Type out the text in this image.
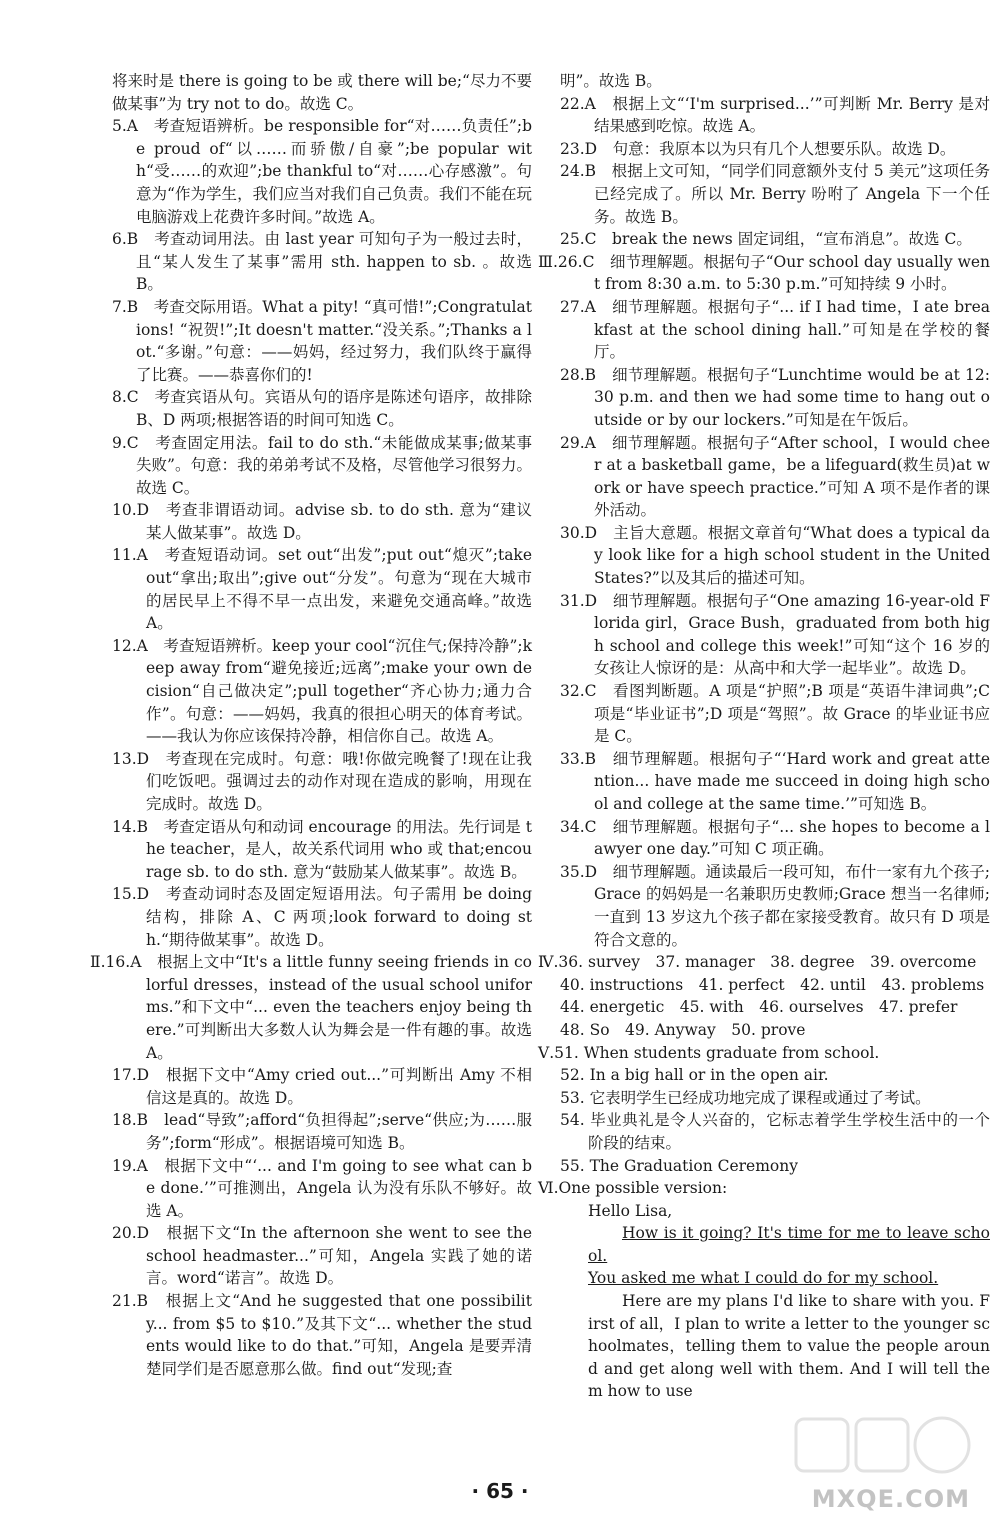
将来时是 there is going to be 或 there will be;“尽力不要做某事”为 try not to do。故选 C。

5.A　考查短语辨析。be responsible for“对……负责任”;be proud of“以……而骄傲/自豪”;be popular with“受……的欢迎”;be thankful to“对……心存感激”。句意为“作为学生，我们应当对我们自己负责。我们不能在玩电脑游戏上花费许多时间。”故选 A。

6.B　考查动词用法。由 last year 可知句子为一般过去时，且“某人发生了某事”需用 sth. happen to sb. 。故选 B。

7.B　考查交际用语。What a pity! “真可惜!”;Congratulations! “祝贺!”;It doesn't matter.“没关系。”;Thanks a lot.“多谢。”句意：——妈妈，经过努力，我们队终于赢得了比赛。——恭喜你们的!

8.C　考查宾语从句。宾语从句的语序是陈述句语序，故排除 B、D 两项;根据答语的时间可知选 C。

9.C　考查固定用法。fail to do sth.“未能做成某事;做某事失败”。句意：我的弟弟考试不及格，尽管他学习很努力。故选 C。

10.D　考查非谓语动词。advise sb. to do sth. 意为“建议某人做某事”。故选 D。

11.A　考查短语动词。set out“出发”;put out“熄灭”;take out“拿出;取出”;give out“分发”。句意为“现在大城市的居民早上不得不早一点出发，来避免交通高峰。”故选 A。

12.A　考查短语辨析。keep your cool“沉住气;保持冷静”;keep away from“避免接近;远离”;make your own decision“自己做决定”;pull together“齐心协力;通力合作”。句意：——妈妈，我真的很担心明天的体育考试。——我认为你应该保持冷静，相信你自己。故选 A。

13.D　考查现在完成时。句意：哦!你做完晚餐了!现在让我们吃饭吧。强调过去的动作对现在造成的影响，用现在完成时。故选 D。

14.B　考查定语从句和动词 encourage 的用法。先行词是 the teacher，是人，故关系代词用 who 或 that;encourage sb. to do sth. 意为“鼓励某人做某事”。故选 B。

15.D　考查动词时态及固定短语用法。句子需用 be doing 结构，排除 A、C 两项;look forward to doing sth.“期待做某事”。故选 D。

Ⅱ.16.A　根据上文中“It's a little funny seeing friends in colorful dresses，instead of the usual school uniforms.”和下文中“... even the teachers enjoy being there.”可判断出大多数人认为舞会是一件有趣的事。故选 A。

17.D　根据下文中“Amy cried out...”可判断出 Amy 不相信这是真的。故选 D。

18.B　lead“导致”;afford“负担得起”;serve“供应;为……服务”;form“形成”。根据语境可知选 B。

19.A　根据下文中“‘... and I'm going to see what can be done.’”可推测出，Angela 认为没有乐队不够好。故选 A。

20.D　根据下文“In the afternoon she went to see the school headmaster...”可知，Angela 实践了她的诺言。word“诺言”。故选 D。

21.B　根据上文“And he suggested that one possibility... from $5 to $10.”及其下文“... whether the students would like to do that.”可知，Angela 是要弄清楚同学们是否愿意那么做。find out“发现;查

明”。故选 B。

22.A　根据上文“‘I'm surprised...’”可判断 Mr. Berry 是对结果感到吃惊。故选 A。

23.D　句意：我原本以为只有几个人想要乐队。故选 D。

24.B　根据上文可知，“同学们同意额外支付 5 美元”这项任务已经完成了。所以 Mr. Berry 吩咐了 Angela 下一个任务。故选 B。

25.C　break the news 固定词组，“宣布消息”。故选 C。

Ⅲ.26.C　细节理解题。根据句子“Our school day usually went from 8:30 a.m. to 5:30 p.m.”可知持续 9 小时。

27.A　细节理解题。根据句子“... if I had time，I ate breakfast at the school dining hall.”可知是在学校的餐厅。

28.B　细节理解题。根据句子“Lunchtime would be at 12:30 p.m. and then we had some time to hang out outside or by our lockers.”可知是在午饭后。

29.A　细节理解题。根据句子“After school，I would cheer at a basketball game，be a lifeguard(救生员)at work or have speech practice.”可知 A 项不是作者的课外活动。

30.D　主旨大意题。根据文章首句“What does a typical day look like for a high school student in the United States?”以及其后的描述可知。

31.D　细节理解题。根据句子“One amazing 16-year-old Florida girl，Grace Bush，graduated from both high school and college this week!”可知“这个 16 岁的女孩让人惊讶的是：从高中和大学一起毕业”。故选 D。

32.C　看图判断题。A 项是“护照”;B 项是“英语牛津词典”;C 项是“毕业证书”;D 项是“驾照”。故 Grace 的毕业证书应是 C。

33.B　细节理解题。根据句子“‘Hard work and great attention... have made me succeed in doing high school and college at the same time.’”可知选 B。

34.C　细节理解题。根据句子“... she hopes to become a lawyer one day.”可知 C 项正确。

35.D　细节理解题。通读最后一段可知，布什一家有九个孩子;Grace 的妈妈是一名兼职历史教师;Grace 想当一名律师;一直到 13 岁这九个孩子都在家接受教育。故只有 D 项是符合文意的。

Ⅳ.36. survey　37. manager　38. degree　39. overcome

40. instructions　41. perfect　42. until　43. problems

44. energetic　45. with　46. ourselves　47. prefer

48. So　49. Anyway　50. prove

Ⅴ.51. When students graduate from school.

52. In a big hall or in the open air.

53. 它表明学生已经成功地完成了课程或通过了考试。

54. 毕业典礼是令人兴奋的，它标志着学生学校生活中的一个阶段的结束。

55. The Graduation Ceremony

Ⅵ.One possible version:

Hello Lisa,

How is it going? It's time for me to leave school.

You asked me what I could do for my school.

Here are my plans I'd like to share with you. First of all，I plan to write a letter to the younger schoolmates，telling them to value the people around and get along well with them. And I will tell them how to use

· 65 ·	MXQE.COM
